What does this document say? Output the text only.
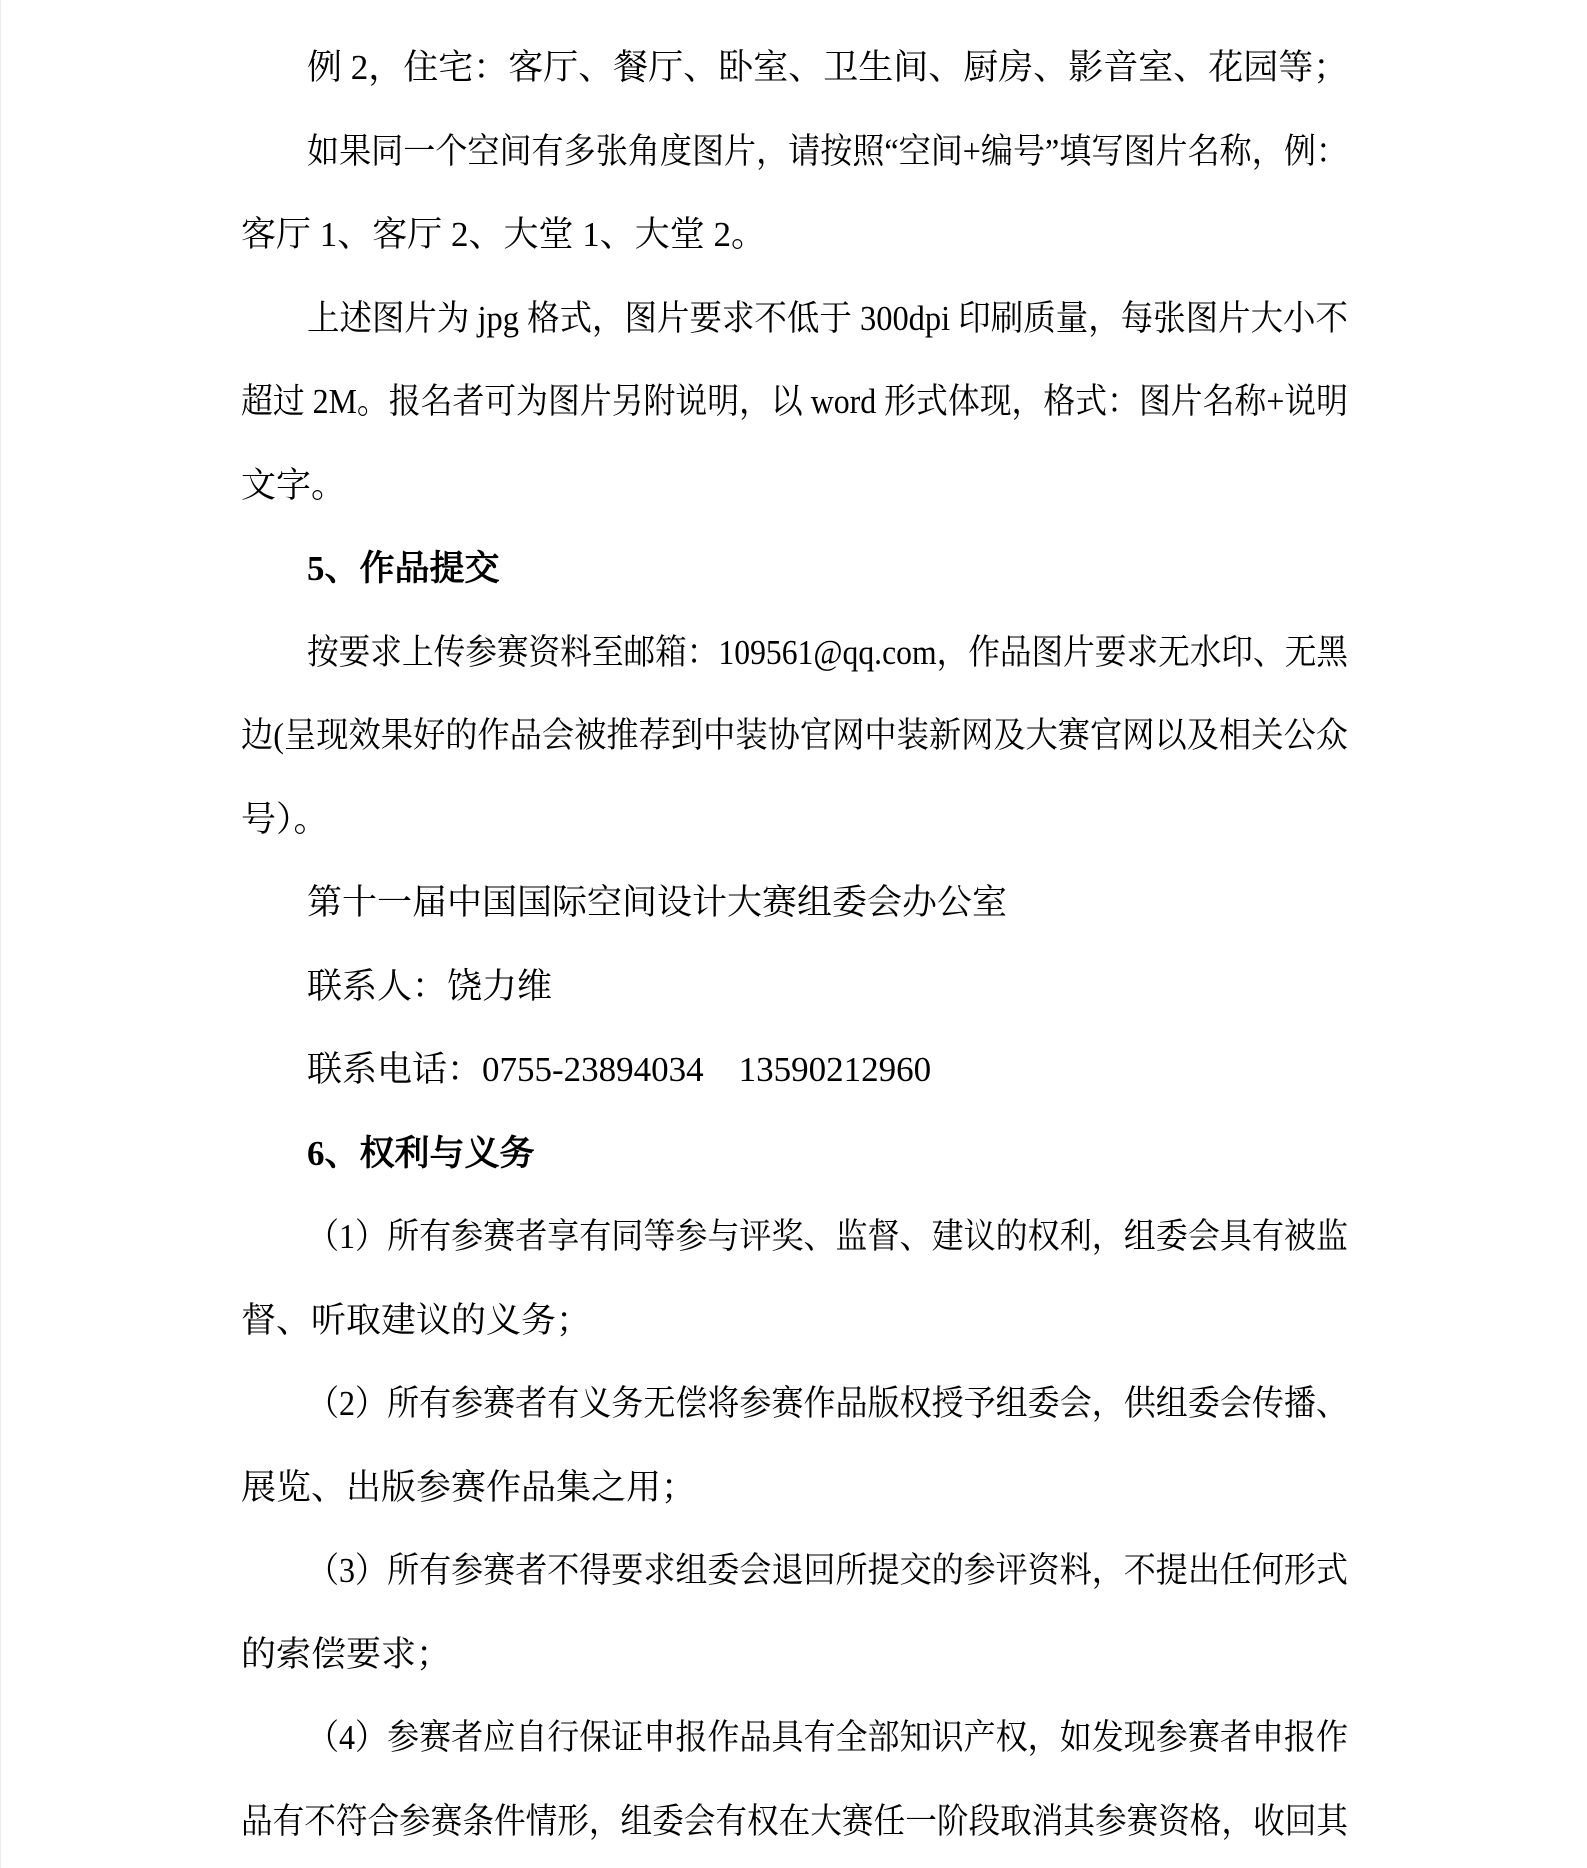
例 2，住宅：客厅、餐厅、卧室、卫生间、厨房、影音室、花园等；
如果同一个空间有多张角度图片，请按照“空间+编号”填写图片名称，例：
客厅 1、客厅 2、大堂 1、大堂 2。
上述图片为 jpg 格式，图片要求不低于 300dpi 印刷质量，每张图片大小不
超过 2M。报名者可为图片另附说明，以 word 形式体现，格式：图片名称+说明
文字。
5、作品提交
按要求上传参赛资料至邮箱：109561@qq.com，作品图片要求无水印、无黑
边(呈现效果好的作品会被推荐到中装协官网中装新网及大赛官网以及相关公众
号）。
第十一届中国国际空间设计大赛组委会办公室
联系人：饶力维
联系电话：0755-23894034　13590212960
6、权利与义务
（1）所有参赛者享有同等参与评奖、监督、建议的权利，组委会具有被监
督、听取建议的义务；
（2）所有参赛者有义务无偿将参赛作品版权授予组委会，供组委会传播、
展览、出版参赛作品集之用；
（3）所有参赛者不得要求组委会退回所提交的参评资料，不提出任何形式
的索偿要求；
（4）参赛者应自行保证申报作品具有全部知识产权，如发现参赛者申报作
品有不符合参赛条件情形，组委会有权在大赛任一阶段取消其参赛资格，收回其
